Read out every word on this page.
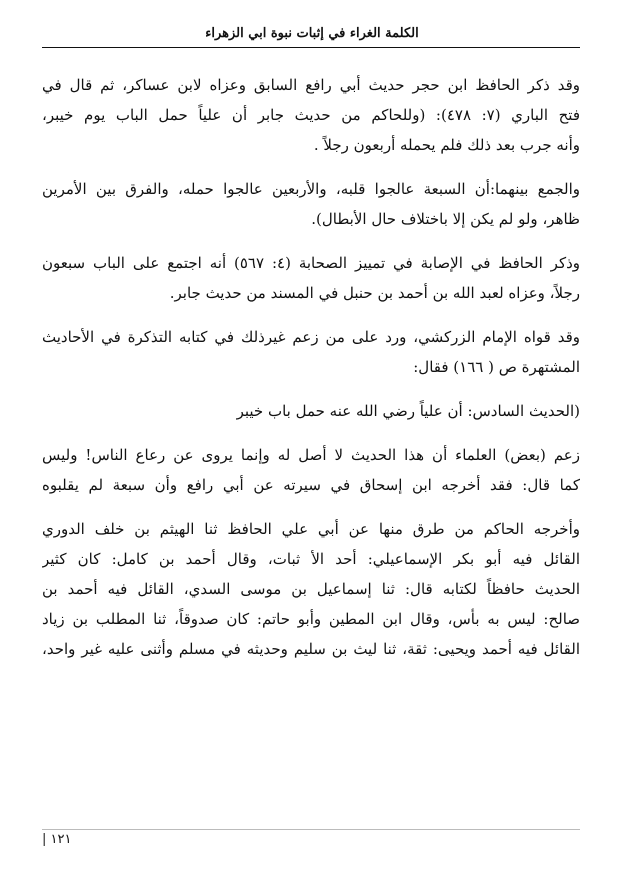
الكلمة الغراء في إثبات نبوة ابي الزهراء
وقد ذكر الحافظ ابن حجر حديث أبي رافع السابق وعزاه لابن عساكر، ثم قال في
فتح الباري (٧: ٤٧٨): (وللحاكم من حديث جابر أن علياً حمل الباب يوم خيبر،
وأنه جرب بعد ذلك فلم يحمله أربعون رجلاً .
والجمع بينهما:أن السبعة عالجوا قلبه، والأربعين عالجوا حمله، والفرق بين الأمرين
ظاهر، ولو لم يكن إلا باختلاف حال الأبطال).
وذكر الحافظ في الإصابة في تمييز الصحابة (٤: ٥٦٧) أنه اجتمع على الباب سبعون
رجلاً، وعزاه لعبد الله بن أحمد بن حنبل في المسند من حديث جابر.
وقد قواه الإمام الزركشي، ورد على من زعم غيرذلك في كتابه التذكرة في الأحاديث
المشتهرة ص ( ١٦٦) فقال:
(الحديث السادس: أن علياً رضي الله عنه حمل باب خيبر
زعم (بعض) العلماء أن هذا الحديث لا أصل له وإنما يروى عن رعاع الناس! وليس
كما قال: فقد أخرجه ابن إسحاق في سيرته عن أبي رافع وأن سبعة لم يقلبوه
وأخرجه الحاكم من طرق منها عن أبي علي الحافظ ثنا الهيثم بن خلف الدوري
القائل فيه أبو بكر الإسماعيلي: أحد الأ ثبات، وقال أحمد بن كامل: كان كثير
الحديث حافظاً لكتابه قال: ثنا إسماعيل بن موسى السدي، القائل فيه أحمد بن
صالح: ليس به بأس، وقال ابن المطين وأبو حاتم: كان صدوقاً، ثنا المطلب بن زياد
القائل فيه أحمد ويحيى: ثقة، ثنا ليث بن سليم وحديثه في مسلم وأثنى عليه غير واحد،
١٢١ |
